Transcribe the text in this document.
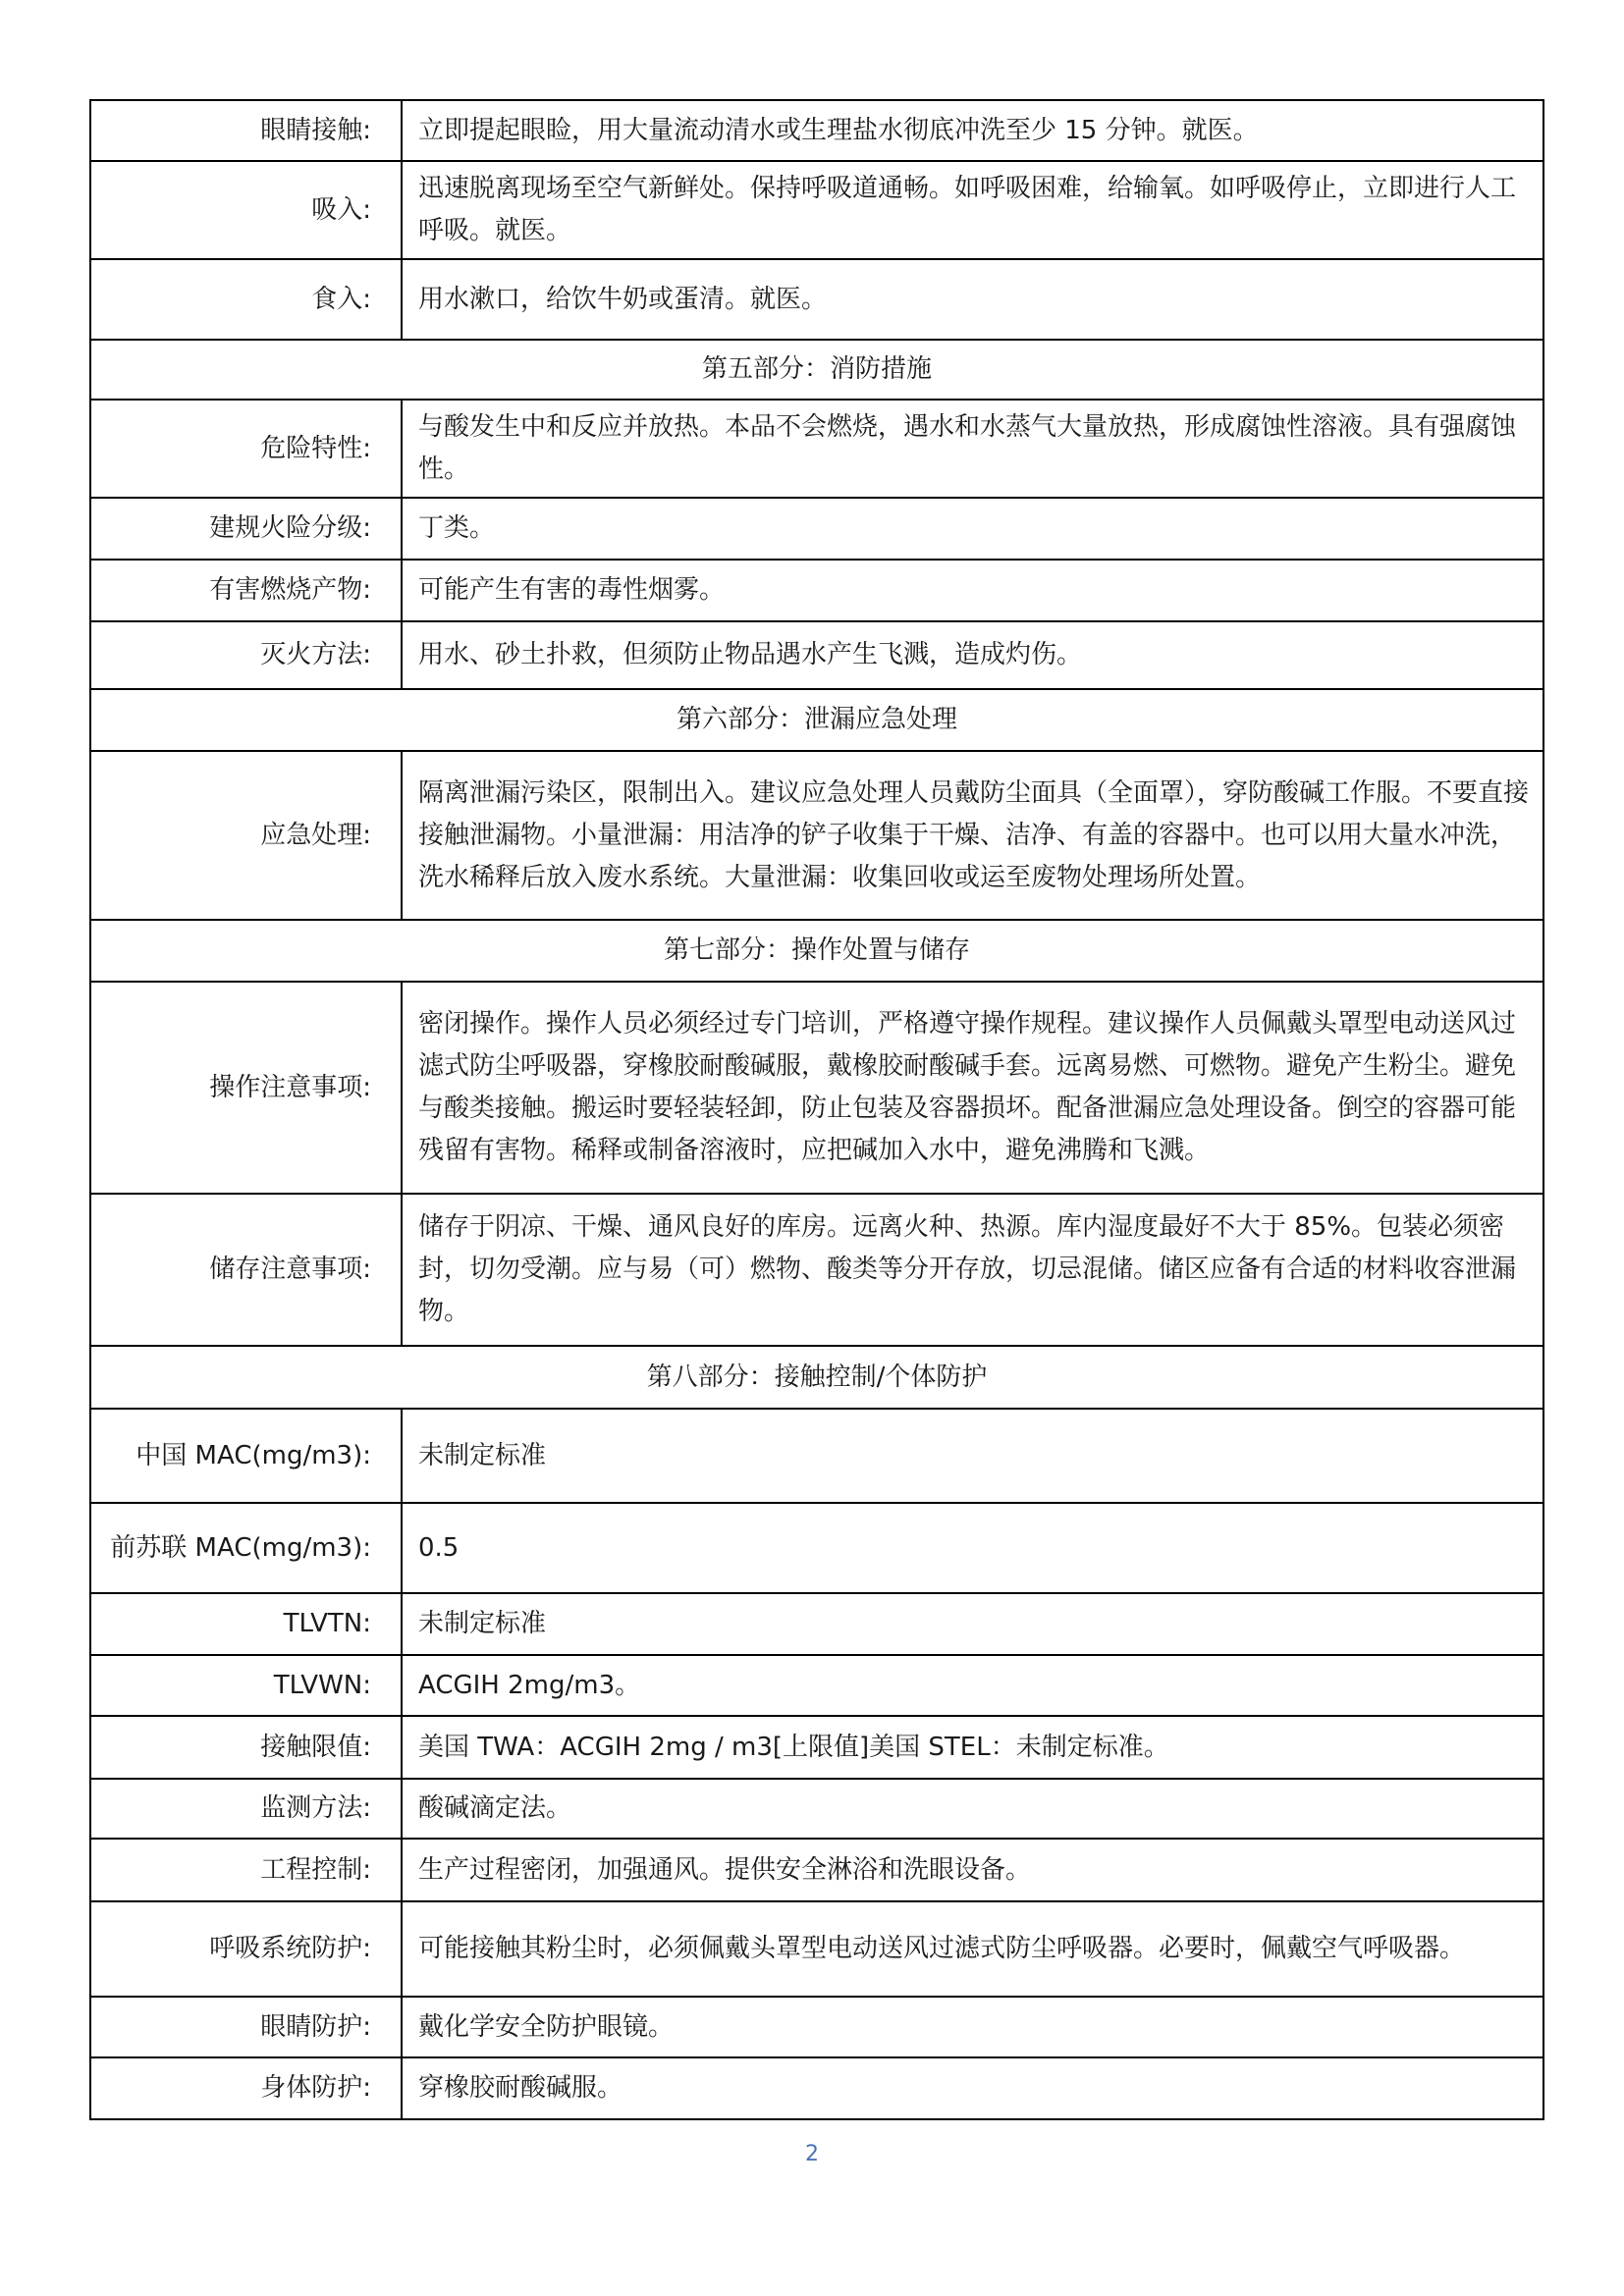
眼睛接触:	立即提起眼睑，用大量流动清水或生理盐水彻底冲洗至少 15 分钟。就医。
吸入:	迅速脱离现场至空气新鲜处。保持呼吸道通畅。如呼吸困难，给输氧。如呼吸停止，立即进行人工呼吸。就医。
食入:	用水漱口，给饮牛奶或蛋清。就医。
第五部分：消防措施	
危险特性:	与酸发生中和反应并放热。本品不会燃烧，遇水和水蒸气大量放热，形成腐蚀性溶液。具有强腐蚀性。
建规火险分级:	丁类。
有害燃烧产物:	可能产生有害的毒性烟雾。
灭火方法:	用水、砂土扑救，但须防止物品遇水产生飞溅，造成灼伤。
第六部分：泄漏应急处理	
应急处理:	隔离泄漏污染区，限制出入。建议应急处理人员戴防尘面具（全面罩），穿防酸碱工作服。不要直接接触泄漏物。小量泄漏：用洁净的铲子收集于干燥、洁净、有盖的容器中。也可以用大量水冲洗，洗水稀释后放入废水系统。大量泄漏：收集回收或运至废物处理场所处置。
第七部分：操作处置与储存	
操作注意事项:	密闭操作。操作人员必须经过专门培训，严格遵守操作规程。建议操作人员佩戴头罩型电动送风过滤式防尘呼吸器，穿橡胶耐酸碱服，戴橡胶耐酸碱手套。远离易燃、可燃物。避免产生粉尘。避免与酸类接触。搬运时要轻装轻卸，防止包装及容器损坏。配备泄漏应急处理设备。倒空的容器可能残留有害物。稀释或制备溶液时，应把碱加入水中，避免沸腾和飞溅。
储存注意事项:	储存于阴凉、干燥、通风良好的库房。远离火种、热源。库内湿度最好不大于 85%。包装必须密封，切勿受潮。应与易（可）燃物、酸类等分开存放，切忌混储。储区应备有合适的材料收容泄漏物。
第八部分：接触控制/个体防护	
中国 MAC(mg/m3):	未制定标准
前苏联 MAC(mg/m3):	0.5
TLVTN:	未制定标准
TLVWN:	ACGIH 2mg/m3。
接触限值:	美国 TWA：ACGIH 2mg / m3[上限值]美国 STEL：未制定标准。
监测方法:	酸碱滴定法。
工程控制:	生产过程密闭，加强通风。提供安全淋浴和洗眼设备。
呼吸系统防护:	可能接触其粉尘时，必须佩戴头罩型电动送风过滤式防尘呼吸器。必要时，佩戴空气呼吸器。
眼睛防护:	戴化学安全防护眼镜。
身体防护:	穿橡胶耐酸碱服。
2
